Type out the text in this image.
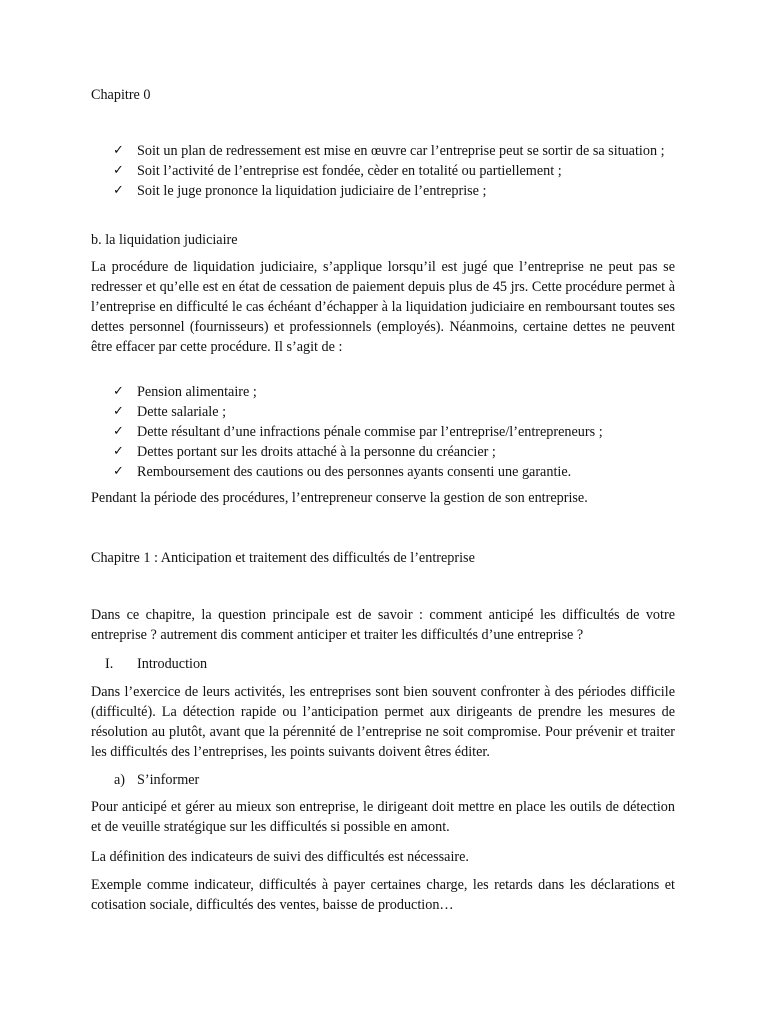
Chapitre 0

✓ Soit un plan de redressement est mise en œuvre car l’entreprise peut se sortir de sa situation ;
✓ Soit l’activité de l’entreprise est fondée, cèder en totalité ou partiellement ;
✓ Soit le juge prononce la liquidation judiciaire de l’entreprise ;

b. la liquidation judiciaire

La procédure de liquidation judiciaire, s’applique lorsqu’il est jugé que l’entreprise ne peut pas se redresser et qu’elle est en état de cessation de paiement depuis plus de 45 jrs. Cette procédure permet à l’entreprise en difficulté le cas échéant d’échapper à la liquidation judiciaire en remboursant toutes ses dettes personnel (fournisseurs) et professionnels (employés). Néanmoins, certaine dettes ne peuvent être effacer par cette procédure. Il s’agit de :

✓ Pension alimentaire ;
✓ Dette salariale ;
✓ Dette résultant d’une infractions pénale commise par l’entreprise/l’entrepreneurs ;
✓ Dettes portant sur les droits attaché à la personne du créancier ;
✓ Remboursement des cautions ou des personnes ayants consenti une garantie.

Pendant la période des procédures, l’entrepreneur conserve la gestion de son entreprise.

Chapitre 1 : Anticipation et traitement des difficultés de l’entreprise

Dans ce chapitre, la question principale est de savoir : comment anticipé les difficultés de votre entreprise ? autrement dis comment anticiper et traiter les difficultés d’une entreprise ?

I. Introduction

Dans l’exercice de leurs activités, les entreprises sont bien souvent confronter à des périodes difficile (difficulté). La détection rapide ou l’anticipation permet aux dirigeants de prendre les mesures de résolution au plutôt, avant que la pérennité de l’entreprise ne soit compromise. Pour prévenir et traiter les difficultés des l’entreprises, les points suivants doivent êtres éditer.

a) S’informer

Pour anticipé et gérer au mieux son entreprise, le dirigeant doit mettre en place les outils de détection et de veuille stratégique sur les difficultés si possible en amont.

La définition des indicateurs de suivi des difficultés est nécessaire.

Exemple comme indicateur, difficultés à payer certaines charge, les retards dans les déclarations et cotisation sociale, difficultés des ventes, baisse de production…
